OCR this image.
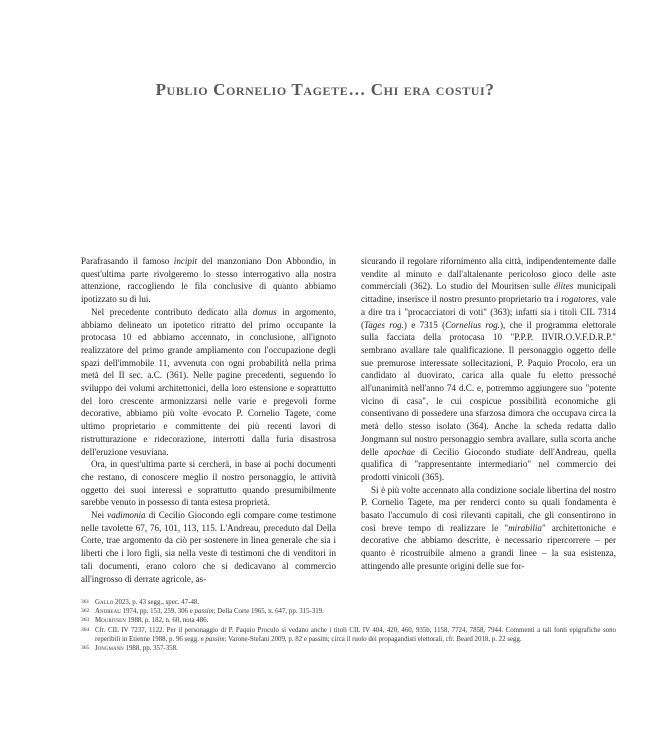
Publio Cornelio Tagete… Chi era costui?

Parafrasando il famoso incipit del manzoniano Don Abbondio, in quest'ultima parte rivolgeremo lo stesso interrogativo alla nostra attenzione, raccogliendo le fila conclusive di quanto abbiamo ipotizzato su di lui.

Nel precedente contributo dedicato alla domus in argomento, abbiamo delineato un ipotetico ritratto del primo occupante la protocasa 10 ed abbiamo accennato, in conclusione, all'ignoto realizzatore del primo grande ampliamento con l'occupazione degli spazi dell'immobile 11, avvenuta con ogni probabilità nella prima metà del II sec. a.C. (361). Nelle pagine precedenti, seguendo lo sviluppo dei volumi architettonici, della loro estensione e soprattutto del loro crescente armonizzarsi nelle varie e pregevoli forme decorative, abbiamo più volte evocato P. Cornelio Tagete, come ultimo proprietario e committente dei più recenti lavori di ristrutturazione e ridecorazione, interrotti dalla furia disastrosa dell'eruzione vesuviana.

Ora, in quest'ultima parte si cercherà, in base ai pochi documenti che restano, di conoscere meglio il nostro personaggio, le attività oggetto dei suoi interessi e soprattutto quando presumibilmente sarebbe venuto in possesso di tanta estesa proprietà.

Nei vadimonia di Cecilio Giocondo egli compare come testimone nelle tavolette 67, 76, 101, 113, 115. L'Andreau, preceduto dal Della Corte, trae argomento da ciò per sostenere in linea generale che sia i liberti che i loro figli, sia nella veste di testimoni che di venditori in tali documenti, erano coloro che si dedicavano al commercio all'ingrosso di derrate agricole, as-

sicurando il regolare rifornimento alla città, indipendentemente dalle vendite al minuto e dall'altalenante pericoloso gioco delle aste commerciali (362). Lo studio del Mouritsen sulle élites municipali cittadine, inserisce il nostro presunto proprietario tra i rogatores, vale a dire tra i "procacciatori di voti" (363); infatti sia i titoli CIL 7314 (Tages rog.) e 7315 (Cornelius rog.), che il programma elettorale sulla facciata della protocasa 10 "P.P.P. IIVIR.O.V.F.D.R.P." sembrano avallare tale qualificazione. Il personaggio oggetto delle sue premurose interessate sollecitazioni, P. Paquio Procolo, era un candidato al duovirato, carica alla quale fu eletto pressoché all'unanimità nell'anno 74 d.C. e, potremmo aggiungere suo "potente vicino di casa", le cui cospicue possibilità economiche gli consentivano di possedere una sfarzosa dimora che occupava circa la metà dello stesso isolato (364). Anche la scheda redatta dallo Jongmann sul nostro personaggio sembra avallare, sulla scorta anche delle apochae di Cecilio Giocondo studiate dell'Andreau, quella qualifica di "rappresentante intermediario" nel commercio dei prodotti vinicoli (365).

Si è più volte accennato alla condizione sociale libertina del nostro P. Cornelio Tagete, ma per renderci conto su quali fondamenta è basato l'accumulo di così rilevanti capitali, che gli consentirono in così breve tempo di realizzare le "mirabilia" architettoniche e decorative che abbiamo descritte, è necessario ripercorrere – per quanto è ricostruibile almeno a grandi linee – la sua esistenza, attingendo alle presunte origini delle sue for-

361 Gallo 2023, p. 43 segg., spec. 47-48.
362 Andreau 1974, pp. 153, 259, 306 e passim; Della Corte 1965, n. 647, pp. 315-319.
363 Mouritsen 1988, p. 182, n. 60, nota 486.
364 Cfr. CIL IV 7237, 1122. Per il personaggio di P. Paquio Proculo si vedano anche i titoli CIL IV 404, 420, 460, 935b, 1158, 7724, 7858, 7944. Commenti a tali fonti epigrafiche sono reperibili in Etienne 1988, p. 96 segg. e passim; Varone-Stefani 2009, p. 82 e passim; circa il ruolo dei propagandisti elettorali, cfr. Beard 2018, p. 22 segg.
365 Jongmann 1988, pp. 357-358.
